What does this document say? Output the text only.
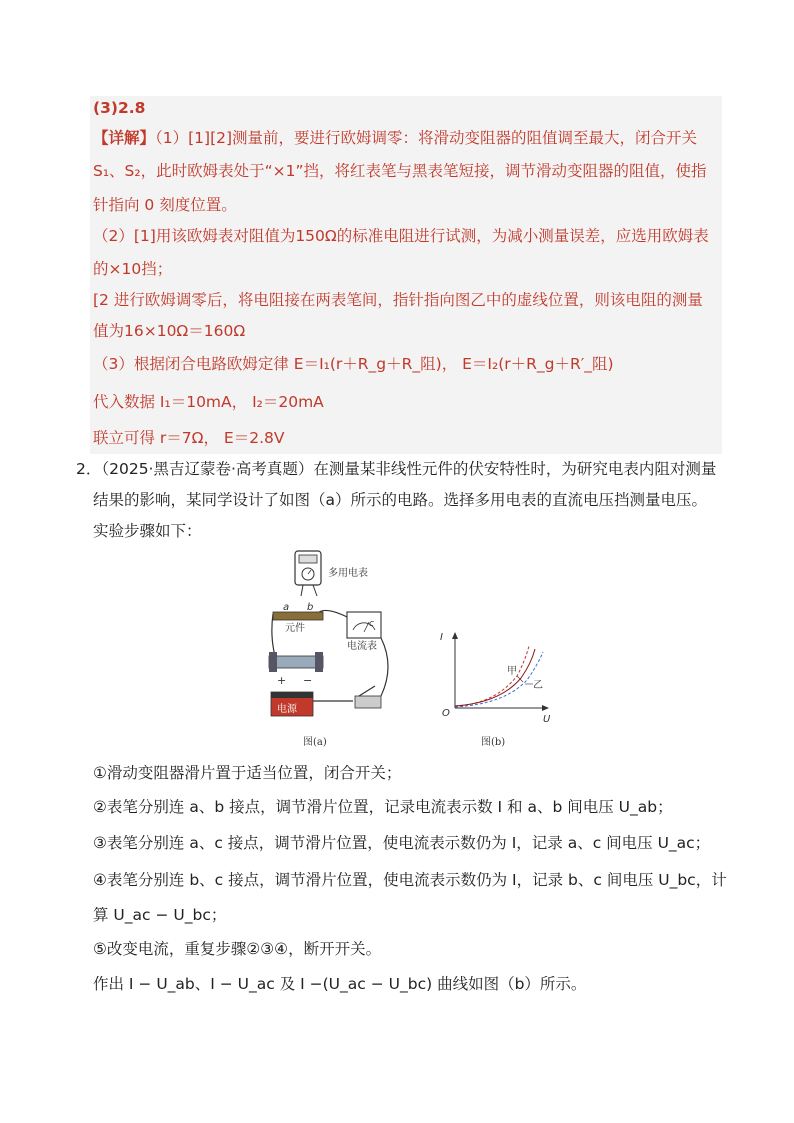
(3)2.8
【详解】（1）[1][2]测量前，要进行欧姆调零：将滑动变阻器的阻值调至最大，闭合开关
S₁、S₂，此时欧姆表处于“×1”挡，将红表笔与黑表笔短接，调节滑动变阻器的阻值，使指
针指向 0 刻度位置。
（2）[1]用该欧姆表对阻值为150Ω的标准电阻进行试测，为减小测量误差，应选用欧姆表
的×10挡；
[2 进行欧姆调零后，将电阻接在两表笔间，指针指向图乙中的虚线位置，则该电阻的测量
值为16×10Ω＝160Ω
（3）根据闭合电路欧姆定律 E＝I₁(r＋R_g＋R_阻)， E＝I₂(r＋R_g＋R′_阻)
代入数据 I₁＝10mA， I₂＝20mA
联立可得 r＝7Ω， E＝2.8V
2．（2025·黑吉辽蒙卷·高考真题）在测量某非线性元件的伏安特性时，为研究电表内阻对测量
结果的影响，某同学设计了如图（a）所示的电路。选择多用电表的直流电压挡测量电压。
实验步骤如下：
多用电表
a b
元件	c
电流表
+ −
电源
图(a)
I
U
O
甲
乙
图(b)
①滑动变阻器滑片置于适当位置，闭合开关；
②表笔分别连 a、b 接点，调节滑片位置，记录电流表示数 I 和 a、b 间电压 U_ab；
③表笔分别连 a、c 接点，调节滑片位置，使电流表示数仍为 I，记录 a、c 间电压 U_ac；
④表笔分别连 b、c 接点，调节滑片位置，使电流表示数仍为 I，记录 b、c 间电压 U_bc，计
算 U_ac − U_bc；
⑤改变电流，重复步骤②③④，断开开关。
作出 I − U_ab、I − U_ac 及 I −(U_ac − U_bc) 曲线如图（b）所示。
